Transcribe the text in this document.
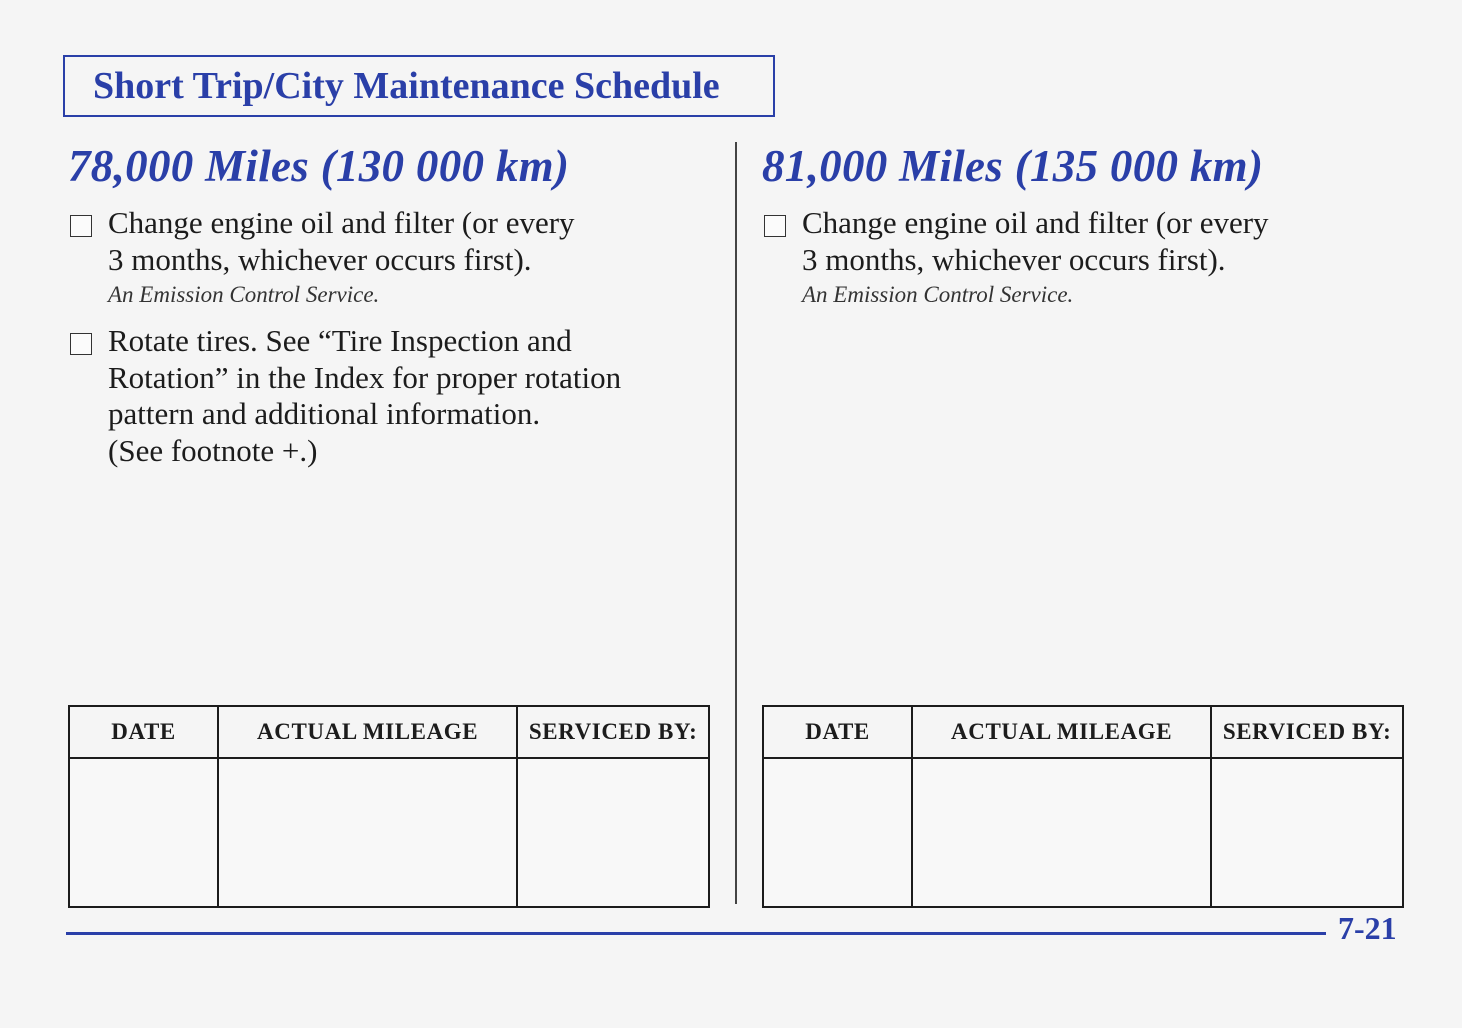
Short Trip/City Maintenance Schedule
78,000 Miles (130 000 km)
Change engine oil and filter (or every
3 months, whichever occurs first).
An Emission Control Service.
Rotate tires. See “Tire Inspection and
Rotation” in the Index for proper rotation
pattern and additional information.
(See footnote +.)
DATE	ACTUAL MILEAGE	SERVICED BY:

81,000 Miles (135 000 km)
Change engine oil and filter (or every
3 months, whichever occurs first).
An Emission Control Service.
DATE	ACTUAL MILEAGE	SERVICED BY:

7-21
